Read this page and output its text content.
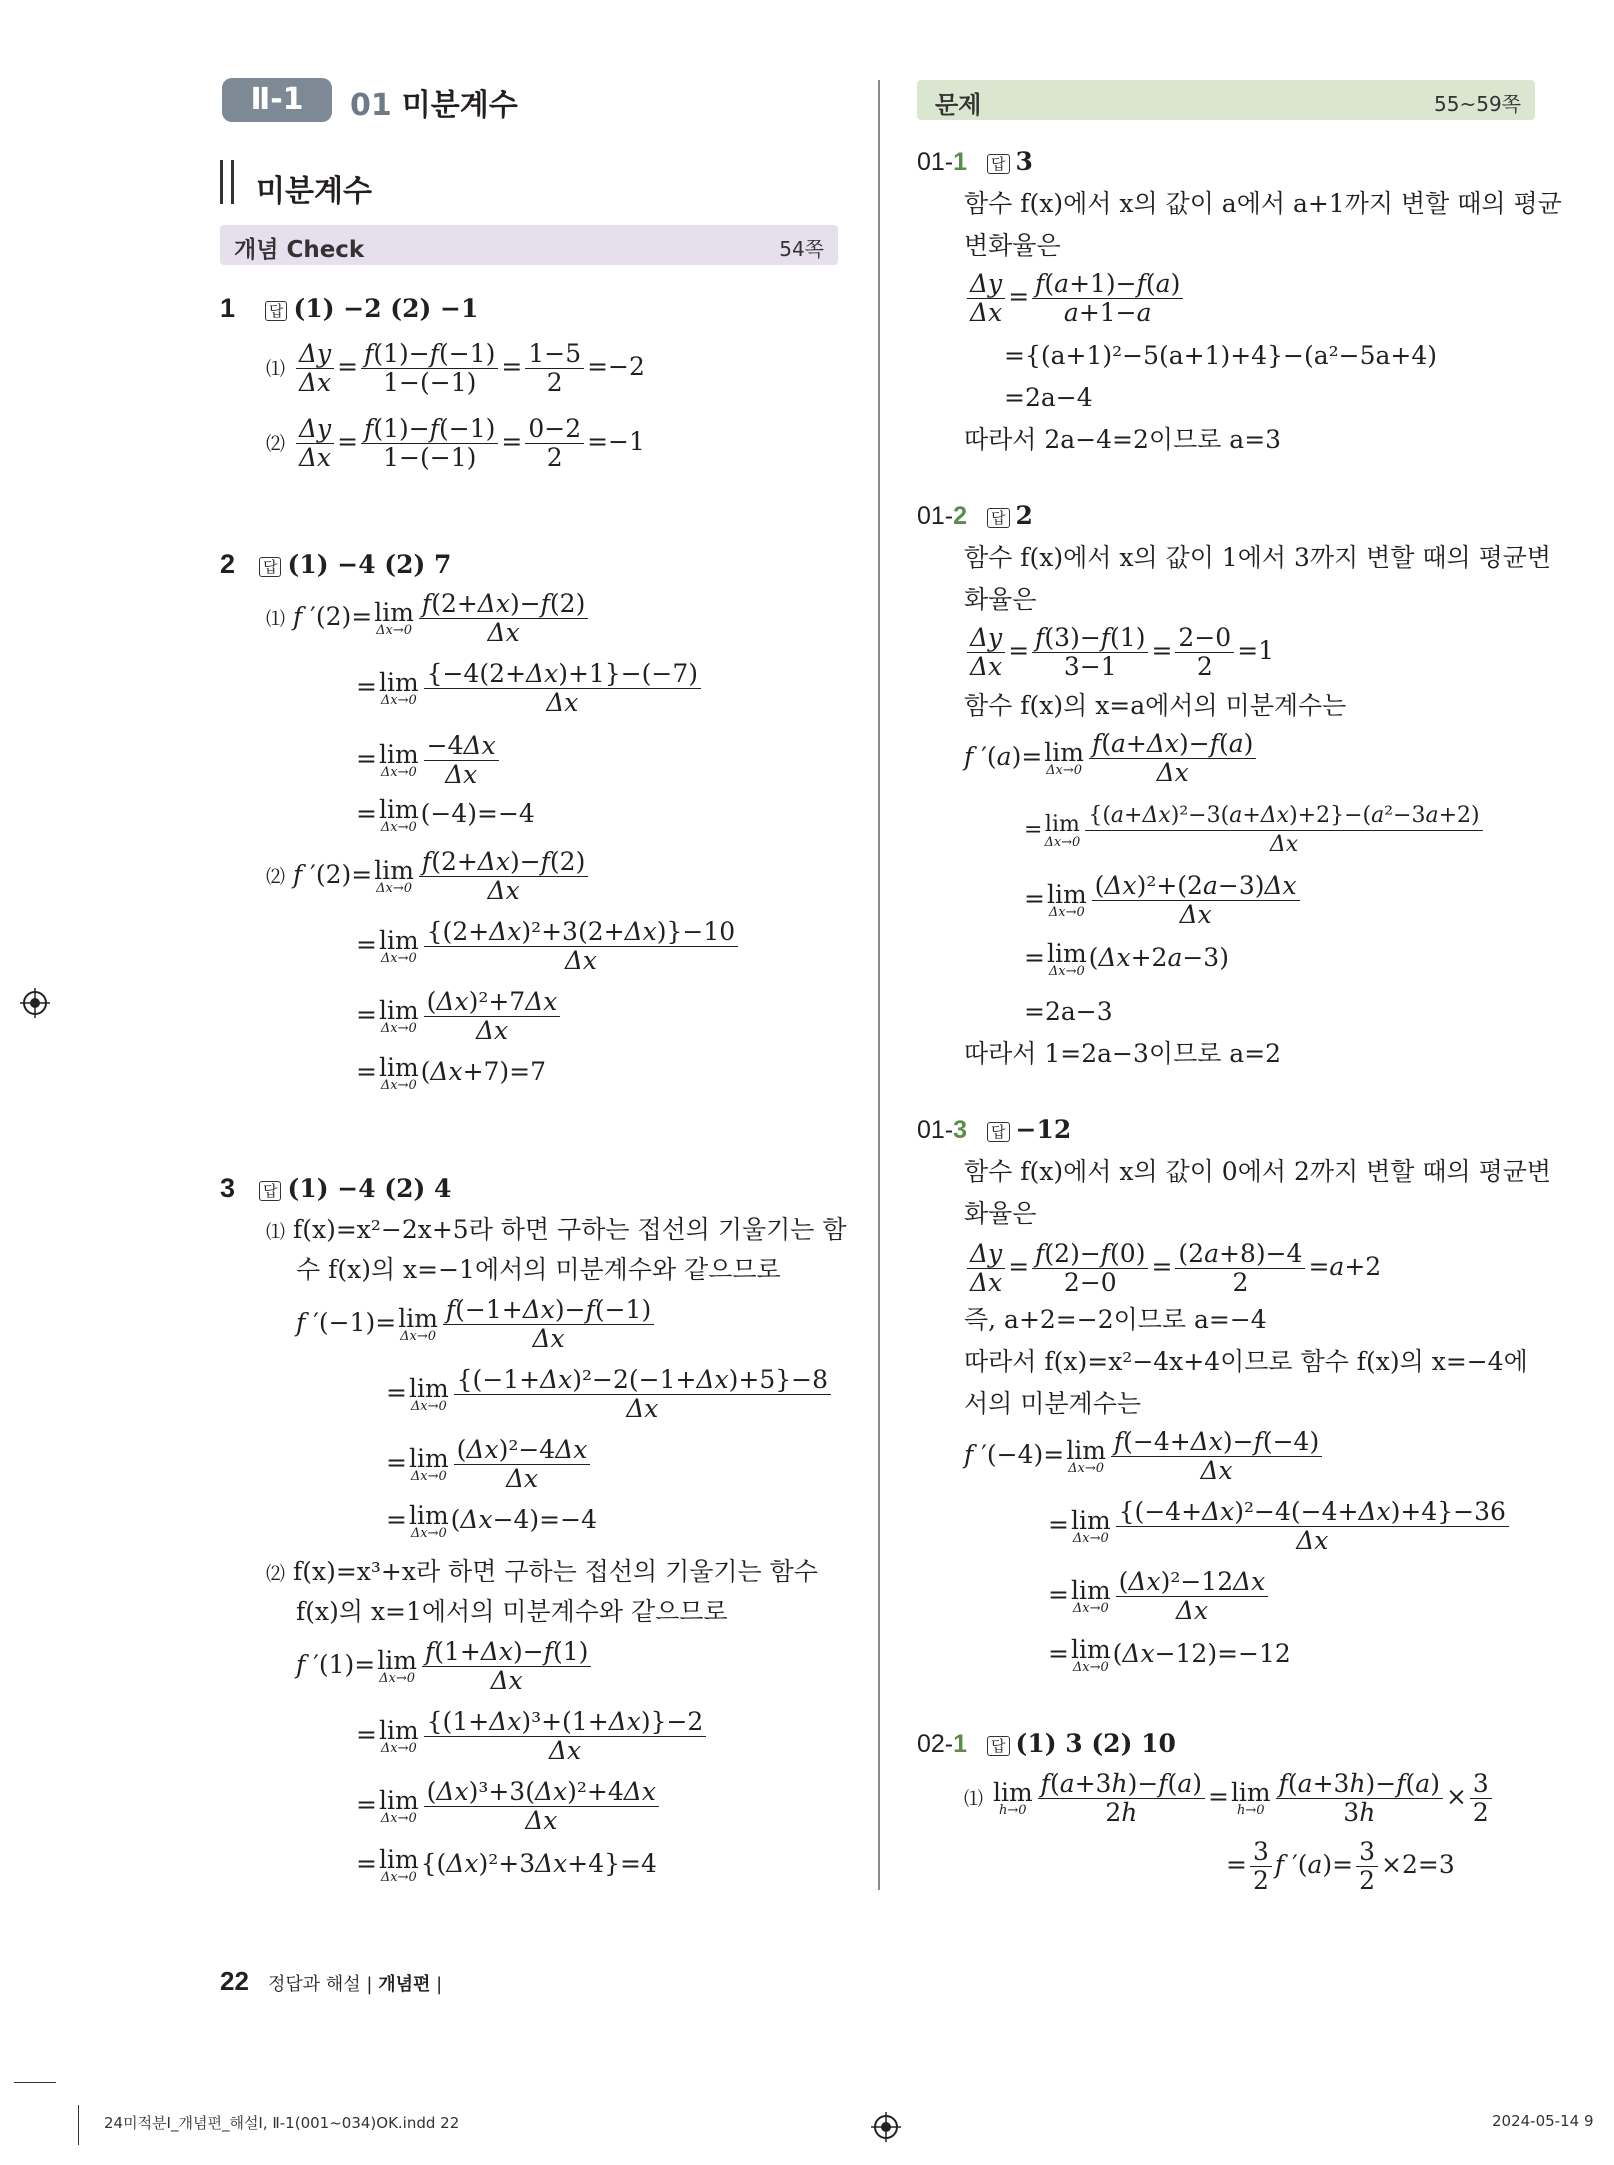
Ⅱ-1	01 미분계수
미분계수
개념 Check	54쪽
문제	55~59쪽
1 답 (1) −2 (2) −1
⑴ $\frac{\Delta y}{\Delta x} = \frac{f(1)-f(-1)}{1-(-1)} = \frac{1-5}{2} =-2$
⑵ $\frac{\Delta y}{\Delta x} = \frac{f(1)-f(-1)}{1-(-1)} = \frac{0-2}{2} =-1$
2 답 (1) −4 (2) 7
⑴ f ′(2)= lim
$\Delta x\to 0 \frac{f(2+\Delta x)-f(2)}{\Delta x}$
= lim
$\Delta x\to 0 \frac{\{-4(2+\Delta x)+1\}-(-7)}{\Delta x}$
= lim
$\Delta x\to 0 \frac{-4\Delta x}{\Delta x}$
= lim
Δx→0 (−4)=−4
⑵ f ′(2)= lim
$\Delta x\to 0 \frac{f(2+\Delta x)-f(2)}{\Delta x}$
= lim
$\Delta x\to 0 \frac{\text{\{(2+Δx)²+3(2+Δx)\}−10}}{\Delta x}$
= lim
$\Delta x\to 0 \frac{\text{(Δx)²+7Δx}}{\Delta x}$
= lim
Δx→0 (Δx+7)=7
3 답 (1) −4 (2) 4
⑴ f(x)=x²−2x+5라 하면 구하는 접선의 기울기는 함
수 f(x)의 x=−1에서의 미분계수와 같으므로
f ′(−1)= lim
$\Delta x\to 0 \frac{f(-1+\Delta x)-f(-1)}{\Delta x}$
= lim
$\Delta x\to 0 \frac{\text{\{(−1+Δx)²−2(−1+Δx)+5\}−8}}{\Delta x}$
= lim
$\Delta x\to 0 \frac{\text{(Δx)²−4Δx}}{\Delta x}$
= lim
Δx→0 (Δx−4)=−4
⑵ f(x)=x³+x라 하면 구하는 접선의 기울기는 함수
f(x)의 x=1에서의 미분계수와 같으므로
f ′(1)= lim
$\Delta x\to 0 \frac{f(1+\Delta x)-f(1)}{\Delta x}$
= lim
$\Delta x\to 0 \frac{\text{\{(1+Δx)³+(1+Δx)\}−2}}{\Delta x}$
= lim
$\Delta x\to 0 \frac{\text{(Δx)³+3(Δx)²+4Δx}}{\Delta x}$
= lim
Δx→0 {(Δx)²+3Δx+4}=4
01-1 답 3
함수 f(x)에서 x의 값이 a에서 a+1까지 변할 때의 평균
변화율은
$\frac{\Delta y}{\Delta x} = \frac{f(a+1)-f(a)}{a+1-a}$
={(a+1)²−5(a+1)+4}−(a²−5a+4)
=2a−4
따라서 2a−4=2이므로 a=3
01-2 답 2
함수 f(x)에서 x의 값이 1에서 3까지 변할 때의 평균변
화율은
$\frac{\Delta y}{\Delta x} = \frac{f(3)-f(1)}{3-1} = \frac{2-0}{2} =1$
함수 f(x)의 x=a에서의 미분계수는
f ′(a)= lim
$\Delta x\to 0 \frac{f(a+\Delta x)-f(a)}{\Delta x}$
= lim
$\Delta x\to 0 \frac{\text{\{(a+Δx)²−3(a+Δx)+2\}−(a²−3a+2)}}{\Delta x}$
= lim
$\Delta x\to 0 \frac{\text{(Δx)²+(2a−3)Δx}}{\Delta x}$
= lim
Δx→0 (Δx+2a−3)
=2a−3
따라서 1=2a−3이므로 a=2
01-3 답 −12
함수 f(x)에서 x의 값이 0에서 2까지 변할 때의 평균변
화율은
$\frac{\Delta y}{\Delta x} = \frac{f(2)-f(0)}{2-0} = \frac{(2a+8)-4}{2} =a+2$
즉, a+2=−2이므로 a=−4
따라서 f(x)=x²−4x+4이므로 함수 f(x)의 x=−4에
서의 미분계수는
f ′(−4)= lim
$\Delta x\to 0 \frac{f(-4+\Delta x)-f(-4)}{\Delta x}$
= lim
$\Delta x\to 0 \frac{\text{\{(−4+Δx)²−4(−4+Δx)+4\}−36}}{\Delta x}$
= lim
$\Delta x\to 0 \frac{\text{(Δx)²−12Δx}}{\Delta x}$
= lim
Δx→0 (Δx−12)=−12
02-1 답 (1) 3 (2) 10
⑴ lim
$h\to 0 \frac{f(a+3h)-f(a)}{2h} = \lim$
$h\to 0 \frac{f(a+3h)-f(a)}{3h} \times \frac{3}{2}$
= $\frac{3}{2}$ f $'(a)= \frac{3}{2} \times 2=3$
22 정답과 해설 | 개념편 |
24미적분Ⅰ_개념편_해설Ⅰ, Ⅱ-1(001~034)OK.indd 22	2024-05-14 9
